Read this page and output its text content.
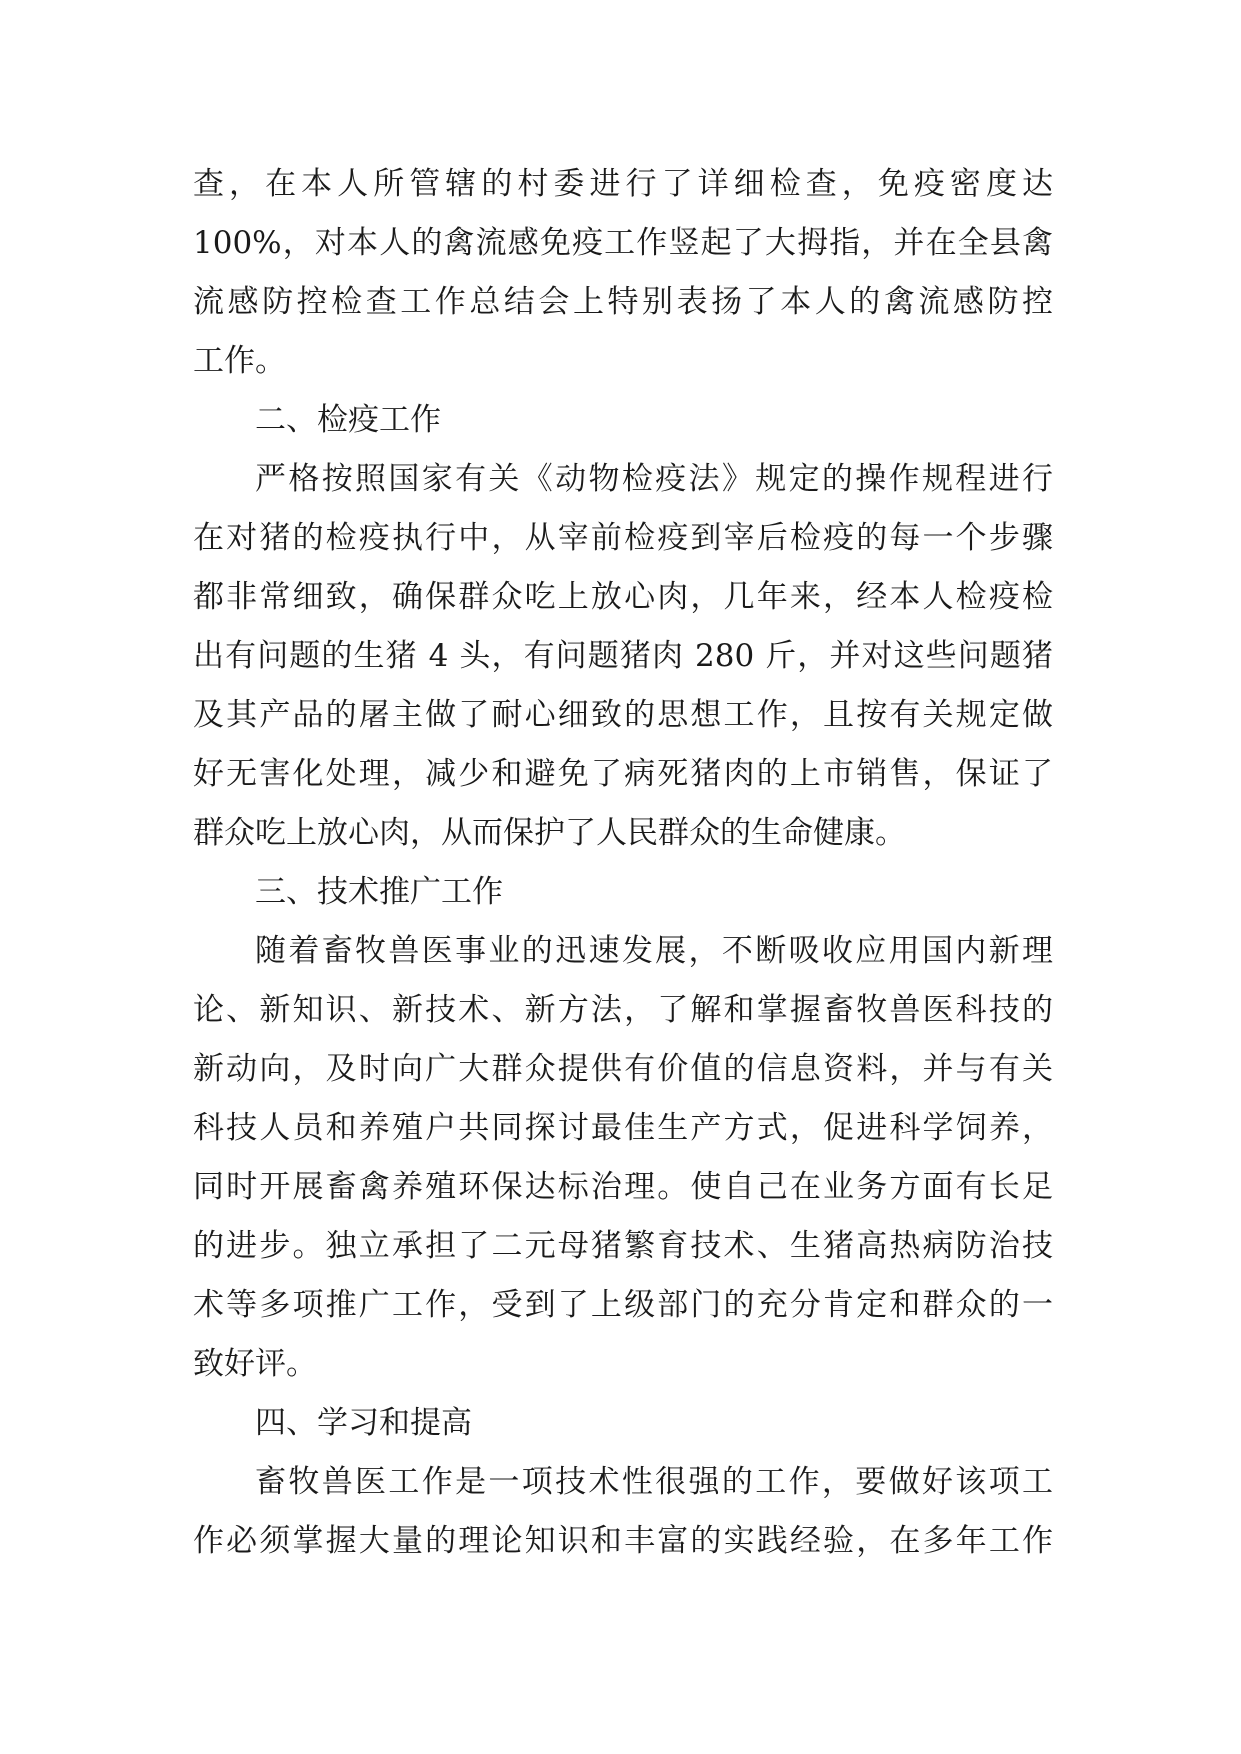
查，在本人所管辖的村委进行了详细检查，免疫密度达
100%，对本人的禽流感免疫工作竖起了大拇指，并在全县禽
流感防控检查工作总结会上特别表扬了本人的禽流感防控
工作。
二、检疫工作
严格按照国家有关《动物检疫法》规定的操作规程进行
在对猪的检疫执行中，从宰前检疫到宰后检疫的每一个步骤
都非常细致，确保群众吃上放心肉，几年来，经本人检疫检
出有问题的生猪 4 头，有问题猪肉 280 斤，并对这些问题猪
及其产品的屠主做了耐心细致的思想工作，且按有关规定做
好无害化处理，减少和避免了病死猪肉的上市销售，保证了
群众吃上放心肉，从而保护了人民群众的生命健康。
三、技术推广工作
随着畜牧兽医事业的迅速发展，不断吸收应用国内新理
论、新知识、新技术、新方法，了解和掌握畜牧兽医科技的
新动向，及时向广大群众提供有价值的信息资料，并与有关
科技人员和养殖户共同探讨最佳生产方式，促进科学饲养，
同时开展畜禽养殖环保达标治理。使自己在业务方面有长足
的进步。独立承担了二元母猪繁育技术、生猪高热病防治技
术等多项推广工作，受到了上级部门的充分肯定和群众的一
致好评。
四、学习和提高
畜牧兽医工作是一项技术性很强的工作，要做好该项工
作必须掌握大量的理论知识和丰富的实践经验，在多年工作
